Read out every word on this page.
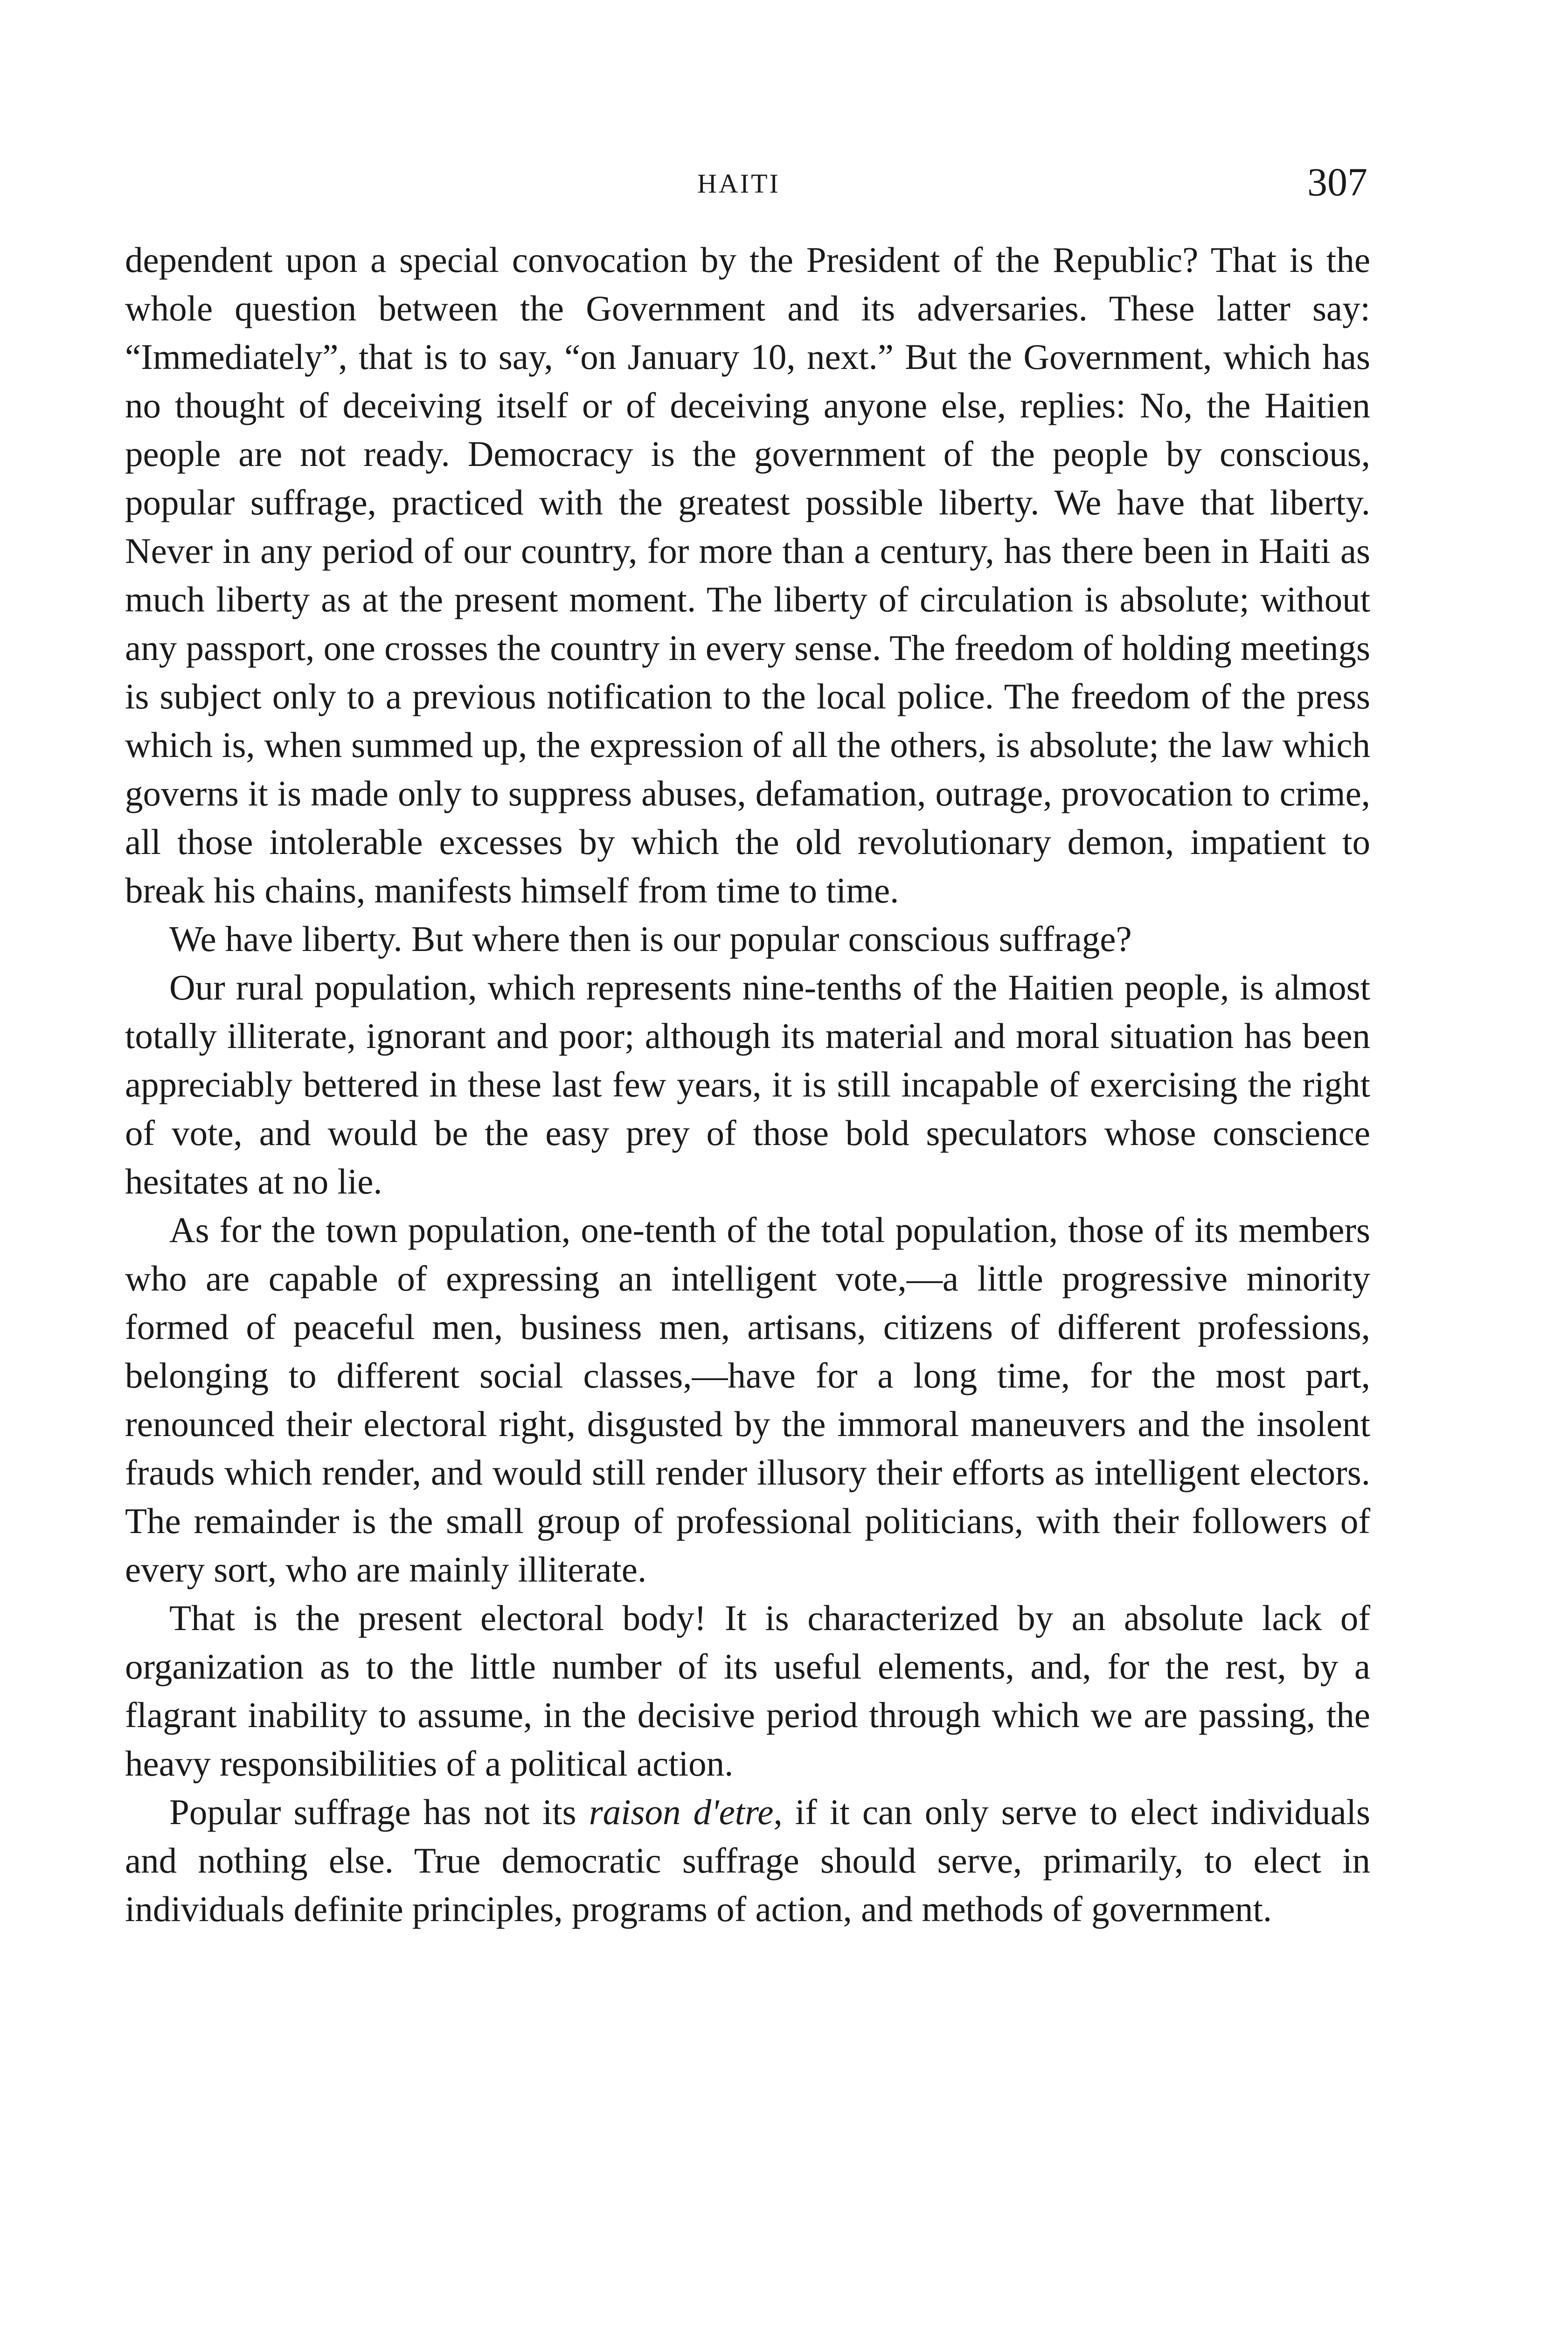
HAITI	307

dependent upon a special convocation by the President of the Republic? That is the whole question between the Government and its adversaries. These latter say: “Immediately”, that is to say, “on January 10, next.” But the Government, which has no thought of deceiving itself or of deceiving anyone else, replies: No, the Haitien people are not ready. Democracy is the government of the people by conscious, popular suffrage, practiced with the greatest possible liberty. We have that liberty. Never in any period of our country, for more than a century, has there been in Haiti as much liberty as at the present moment. The liberty of circulation is absolute; without any passport, one crosses the country in every sense. The freedom of holding meetings is subject only to a previous notification to the local police. The freedom of the press which is, when summed up, the expression of all the others, is absolute; the law which governs it is made only to suppress abuses, defamation, outrage, provocation to crime, all those intolerable excesses by which the old revolutionary demon, impatient to break his chains, manifests himself from time to time.

We have liberty. But where then is our popular conscious suffrage?

Our rural population, which represents nine-tenths of the Haitien people, is almost totally illiterate, ignorant and poor; although its material and moral situation has been appreciably bettered in these last few years, it is still incapable of exercising the right of vote, and would be the easy prey of those bold speculators whose conscience hesitates at no lie.

As for the town population, one-tenth of the total population, those of its members who are capable of expressing an intelligent vote,—a little progressive minority formed of peaceful men, business men, artisans, citizens of different professions, belonging to different social classes,—have for a long time, for the most part, renounced their electoral right, disgusted by the immoral maneuvers and the insolent frauds which render, and would still render illusory their efforts as intelligent electors. The remainder is the small group of professional politicians, with their followers of every sort, who are mainly illiterate.

That is the present electoral body! It is characterized by an absolute lack of organization as to the little number of its useful elements, and, for the rest, by a flagrant inability to assume, in the decisive period through which we are passing, the heavy responsibilities of a political action.

Popular suffrage has not its raison d'etre, if it can only serve to elect individuals and nothing else. True democratic suffrage should serve, primarily, to elect in individuals definite principles, programs of action, and methods of government.
